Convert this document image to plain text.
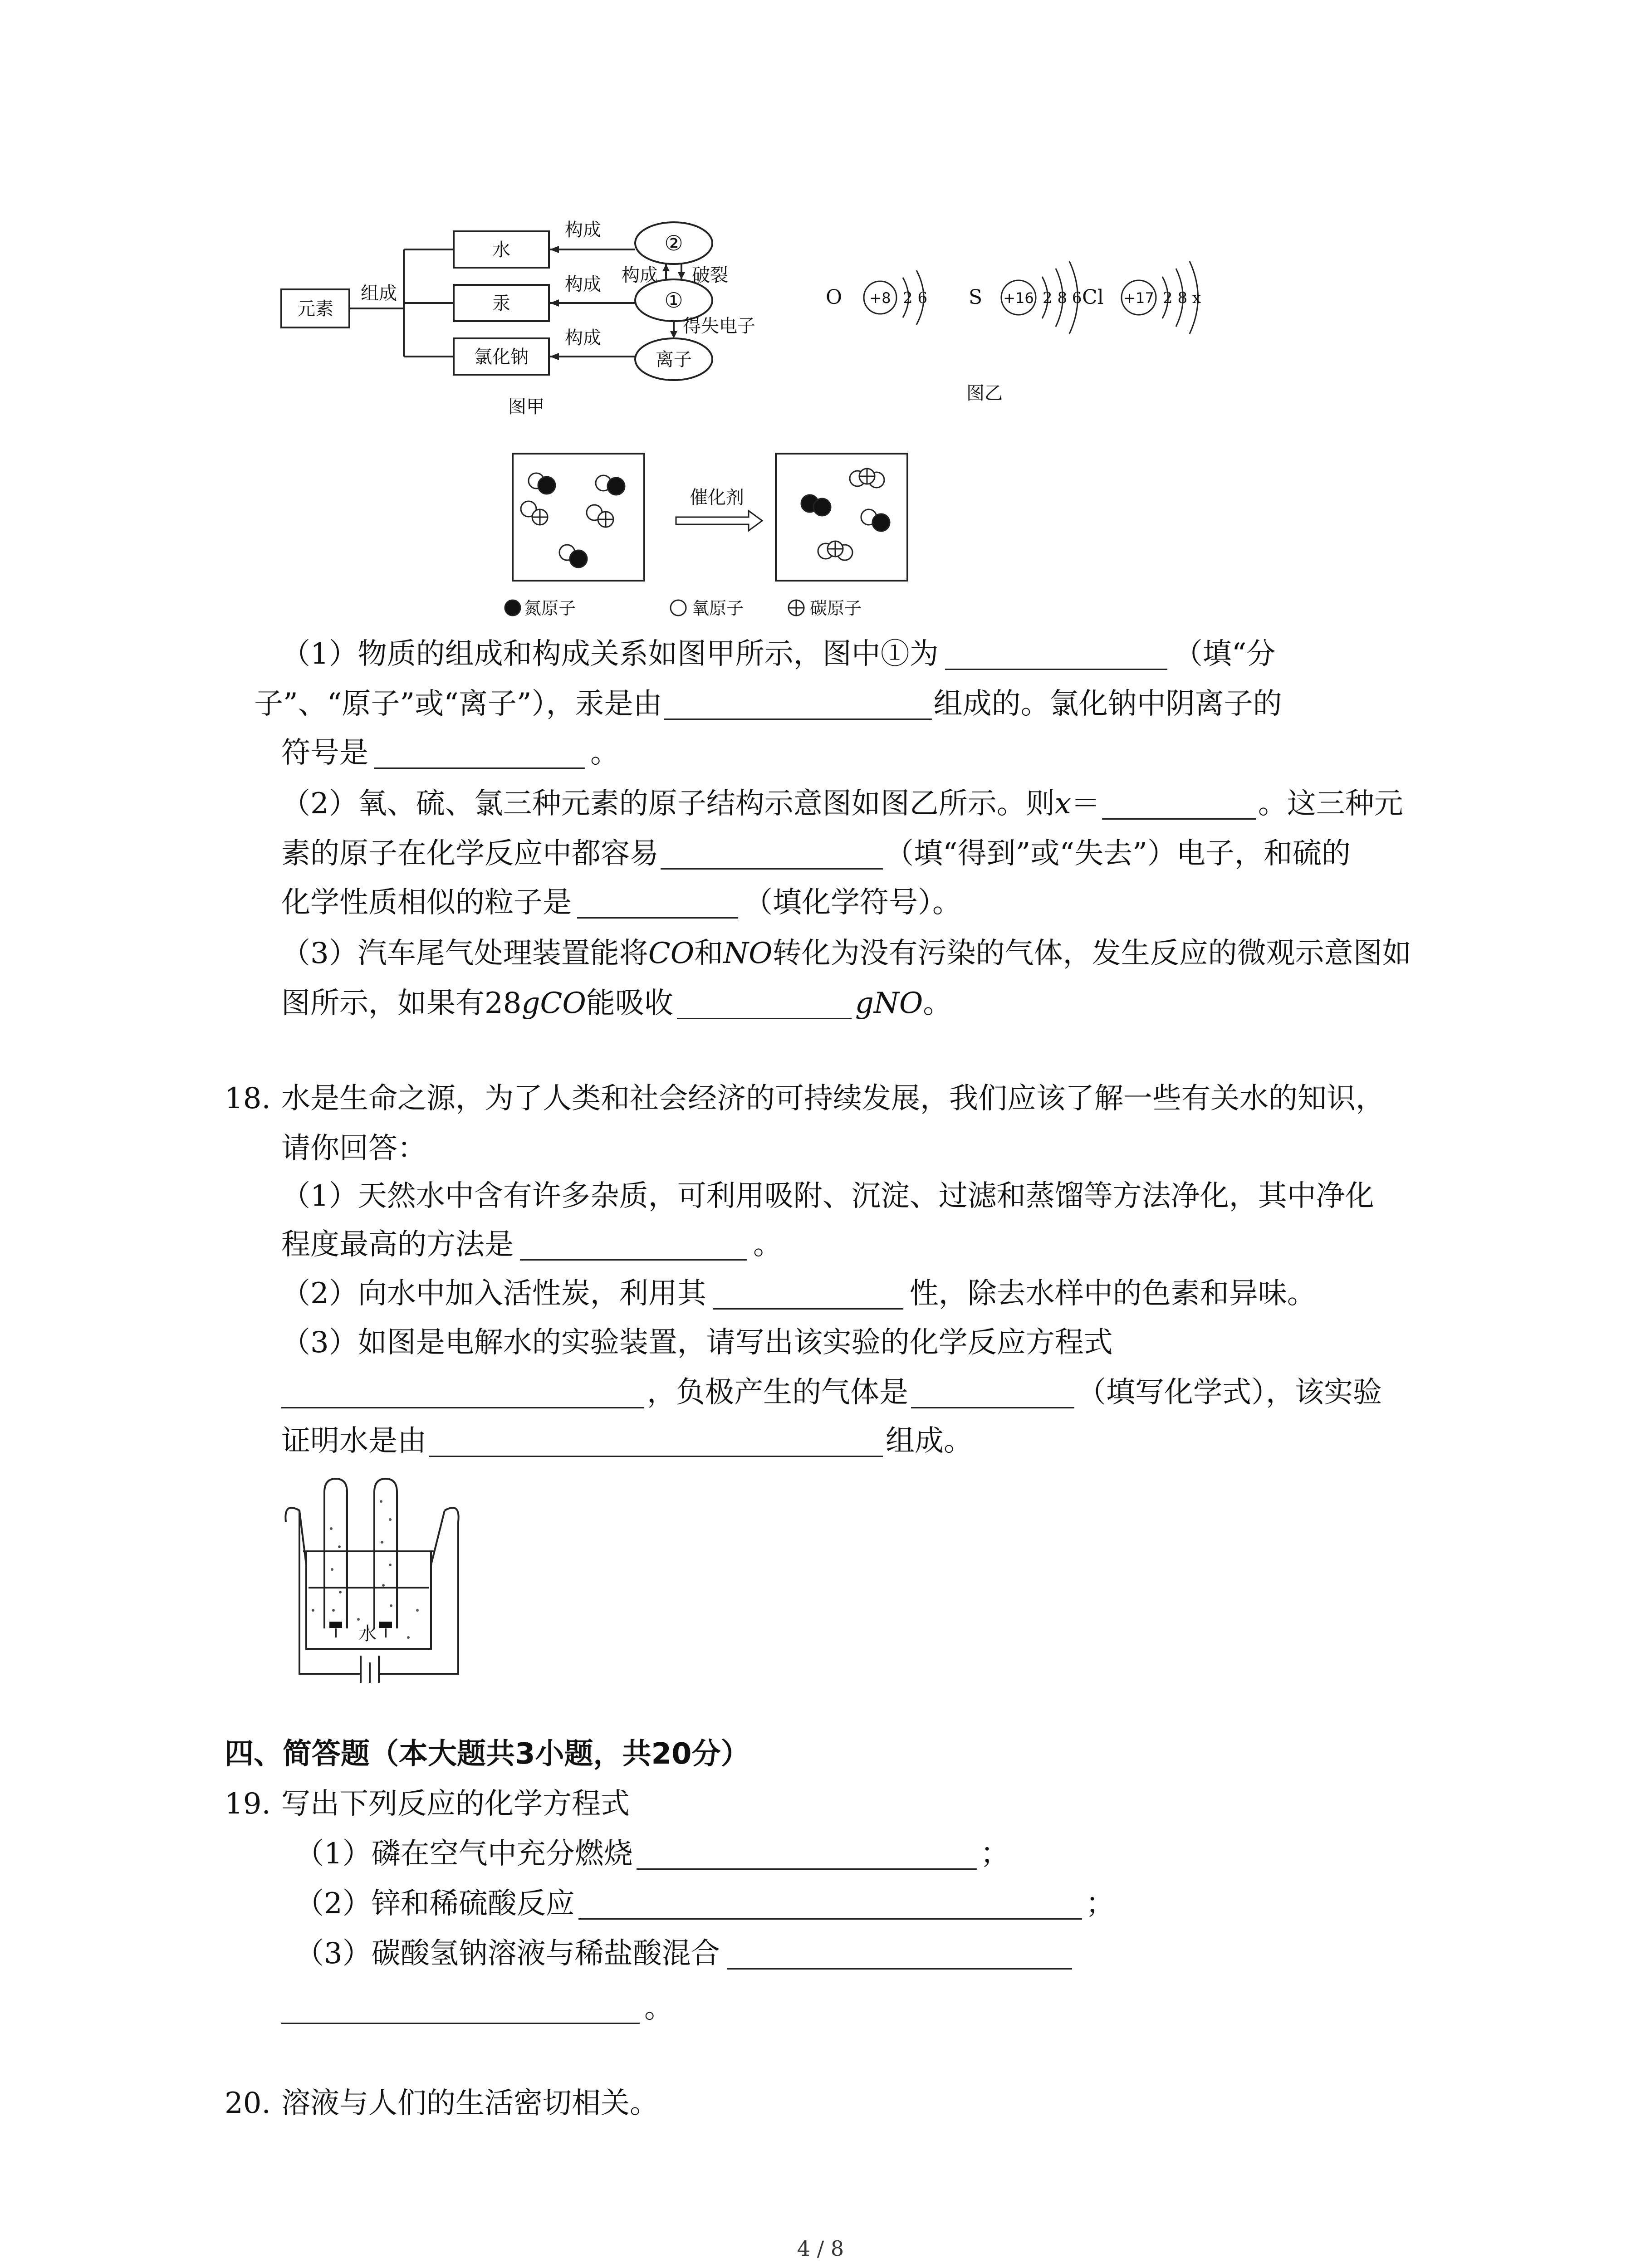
元素
组成
水
汞
氯化钠
构成
构成
构成
构成 破裂
得失电子
②
①
离子
图甲
O	S	Cl
+8	+16	+17
2 6	2 8 6	2 8 x
图乙
催化剂
氮原子	氧原子	碳原子
（1）物质的组成和构成关系如图甲所示，图中①为	（填“分
子”、“原子”或“离子”），汞是由	组成的。氯化钠中阴离子的
符号是	。
（2）氧、硫、氯三种元素的原子结构示意图如图乙所示。则x＝	。这三种元
素的原子在化学反应中都容易	（填“得到”或“失去”）电子，和硫的
化学性质相似的粒子是	（填化学符号）。
（3）汽车尾气处理装置能将CO和NO转化为没有污染的气体，发生反应的微观示意图如
图所示，如果有28gCO能吸收	gNO。
18. 水是生命之源，为了人类和社会经济的可持续发展，我们应该了解一些有关水的知识，
请你回答：
（1）天然水中含有许多杂质，可利用吸附、沉淀、过滤和蒸馏等方法净化，其中净化
程度最高的方法是	。
（2）向水中加入活性炭，利用其	性，除去水样中的色素和异味。
（3）如图是电解水的实验装置，请写出该实验的化学反应方程式
，负极产生的气体是	（填写化学式），该实验
证明水是由	组成。
水
四、简答题（本大题共3小题，共20分）
19. 写出下列反应的化学方程式
（1）磷在空气中充分燃烧	；
（2）锌和稀硫酸反应	；
（3）碳酸氢钠溶液与稀盐酸混合
。
20. 溶液与人们的生活密切相关。
4 / 8
